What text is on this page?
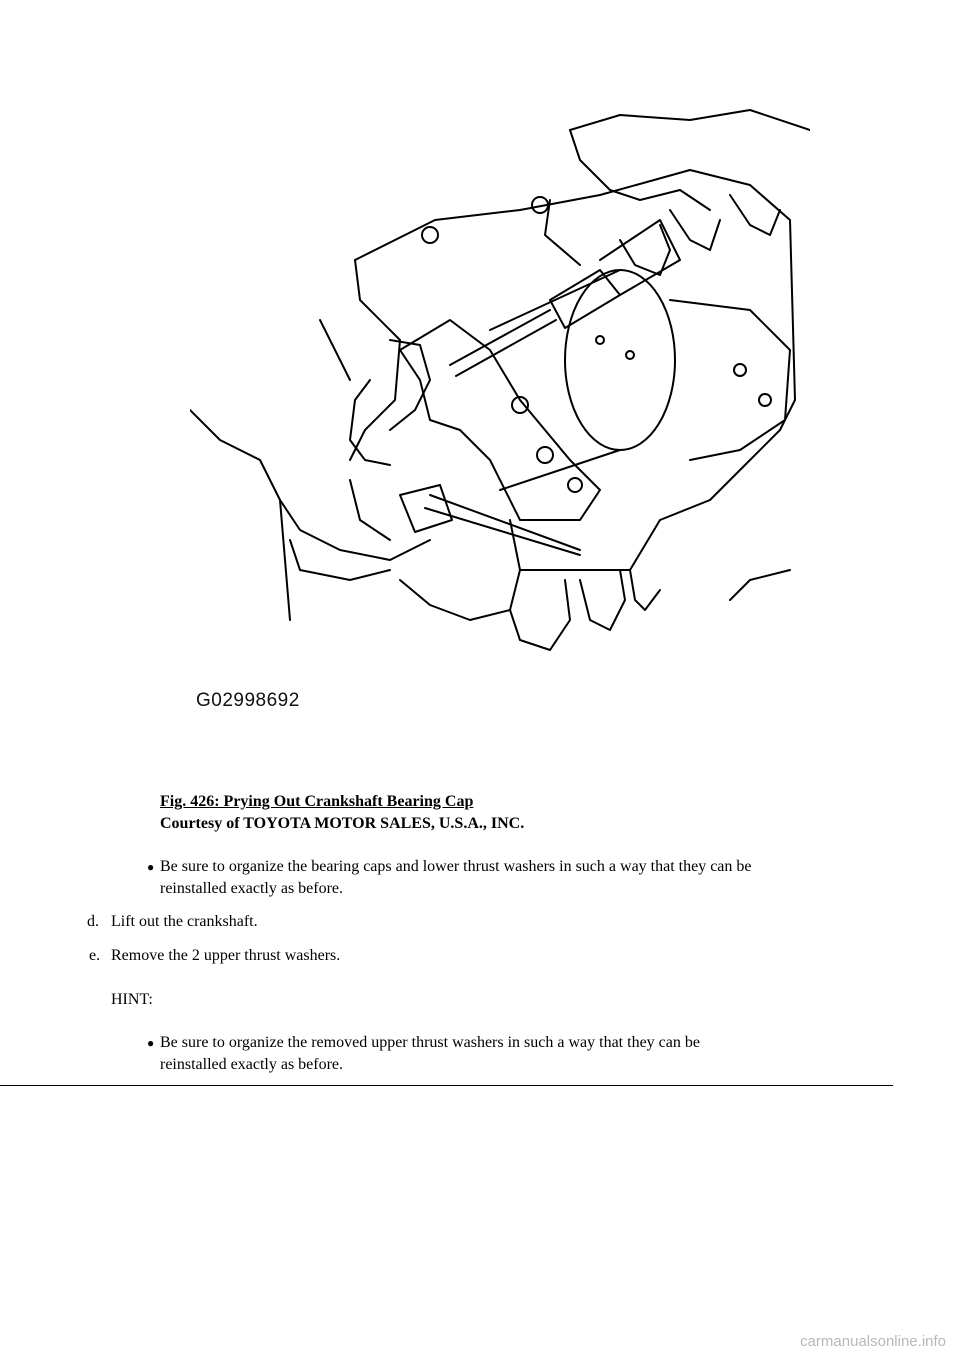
G02998692
Fig. 426: Prying Out Crankshaft Bearing Cap
Courtesy of TOYOTA MOTOR SALES, U.S.A., INC.
● Be sure to organize the bearing caps and lower thrust washers in such a way that they can be
reinstalled exactly as before.
d. Lift out the crankshaft.
e. Remove the 2 upper thrust washers.
HINT:
● Be sure to organize the removed upper thrust washers in such a way that they can be
reinstalled exactly as before.
carmanualsonline.info
